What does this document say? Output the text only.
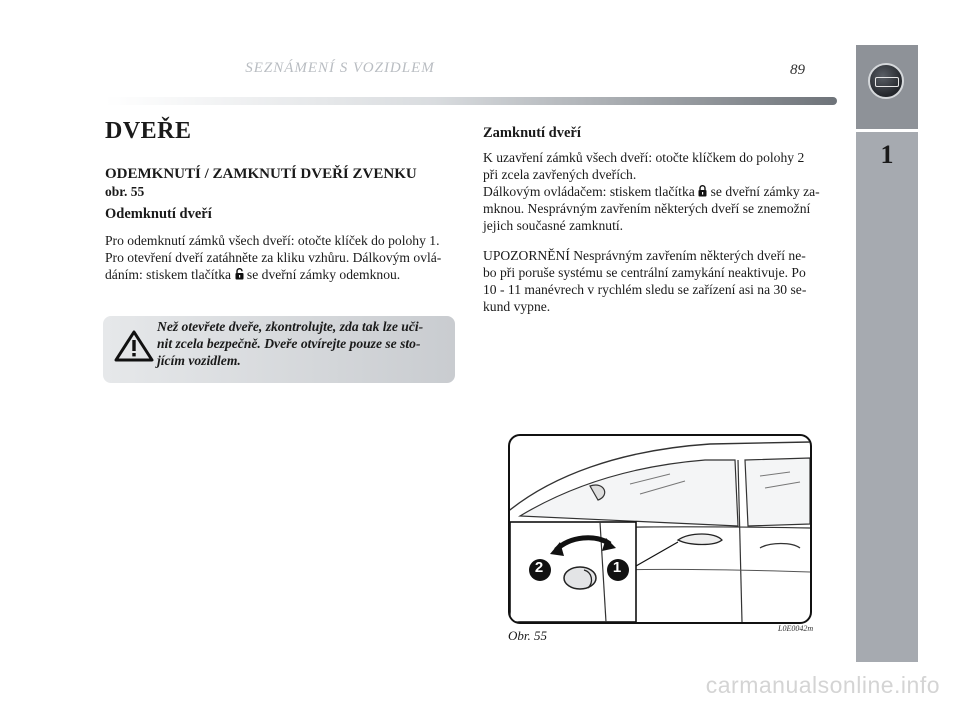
SEZNÁMENÍ S VOZIDLEM	89
1
DVEŘE
ODEMKNUTÍ / ZAMKNUTÍ DVEŘÍ ZVENKU
obr. 55
Odemknutí dveří
Pro odemknutí zámků všech dveří: otočte klíček do polohy 1.
Pro otevření dveří zatáhněte za kliku vzhůru. Dálkovým ovlá-
dáním: stiskem tlačítka se dveřní zámky odemknou.
Než otevřete dveře, zkontrolujte, zda tak lze uči-
nit zcela bezpečně. Dveře otvírejte pouze se sto-
jícím vozidlem.
Zamknutí dveří
K uzavření zámků všech dveří: otočte klíčkem do polohy 2
při zcela zavřených dveřích.
Dálkovým ovládačem: stiskem tlačítka se dveřní zámky za-
mknou. Nesprávným zavřením některých dveří se znemožní
jejich současné zamknutí.
UPOZORNĚNÍ Nesprávným zavřením některých dveří ne-
bo při poruše systému se centrální zamykání neaktivuje. Po
10 - 11 manévrech v rychlém sledu se zařízení asi na 30 se-
kund vypne.
2	1
Obr. 55	L0E0042m
carmanualsonline.info
